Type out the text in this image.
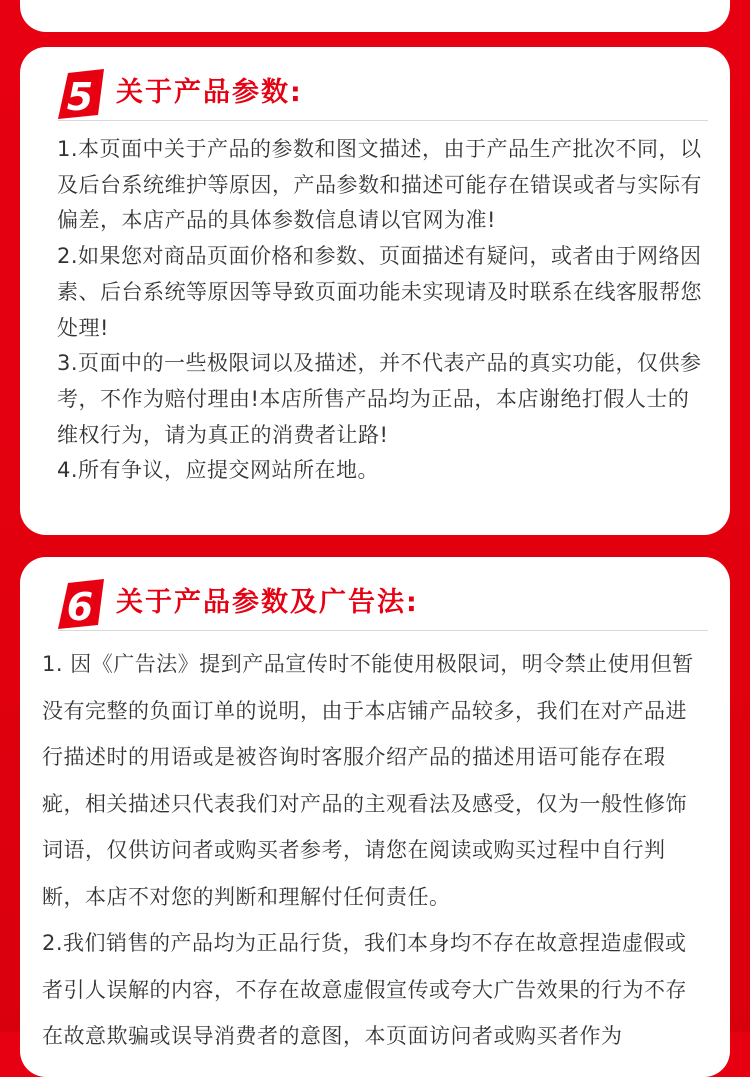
5 关于产品参数:

1.本页面中关于产品的参数和图文描述，由于产品生产批次不同，以及后台系统维护等原因，产品参数和描述可能存在错误或者与实际有偏差，本店产品的具体参数信息请以官网为准!

2.如果您对商品页面价格和参数、页面描述有疑问，或者由于网络因素、后台系统等原因等导致页面功能未实现请及时联系在线客服帮您处理!

3.页面中的一些极限词以及描述，并不代表产品的真实功能，仅供参考，不作为赔付理由!本店所售产品均为正品，本店谢绝打假人士的维权行为，请为真正的消费者让路!

4.所有争议，应提交网站所在地。

6 关于产品参数及广告法:

1. 因《广告法》提到产品宣传时不能使用极限词，明令禁止使用但暂没有完整的负面订单的说明，由于本店铺产品较多，我们在对产品进行描述时的用语或是被咨询时客服介绍产品的描述用语可能存在瑕疵，相关描述只代表我们对产品的主观看法及感受，仅为一般性修饰词语，仅供访问者或购买者参考，请您在阅读或购买过程中自行判断，本店不对您的判断和理解付任何责任。

2.我们销售的产品均为正品行货，我们本身均不存在故意捏造虚假或者引人误解的内容，不存在故意虚假宣传或夸大广告效果的行为不存在故意欺骗或误导消费者的意图，本页面访问者或购买者作为
